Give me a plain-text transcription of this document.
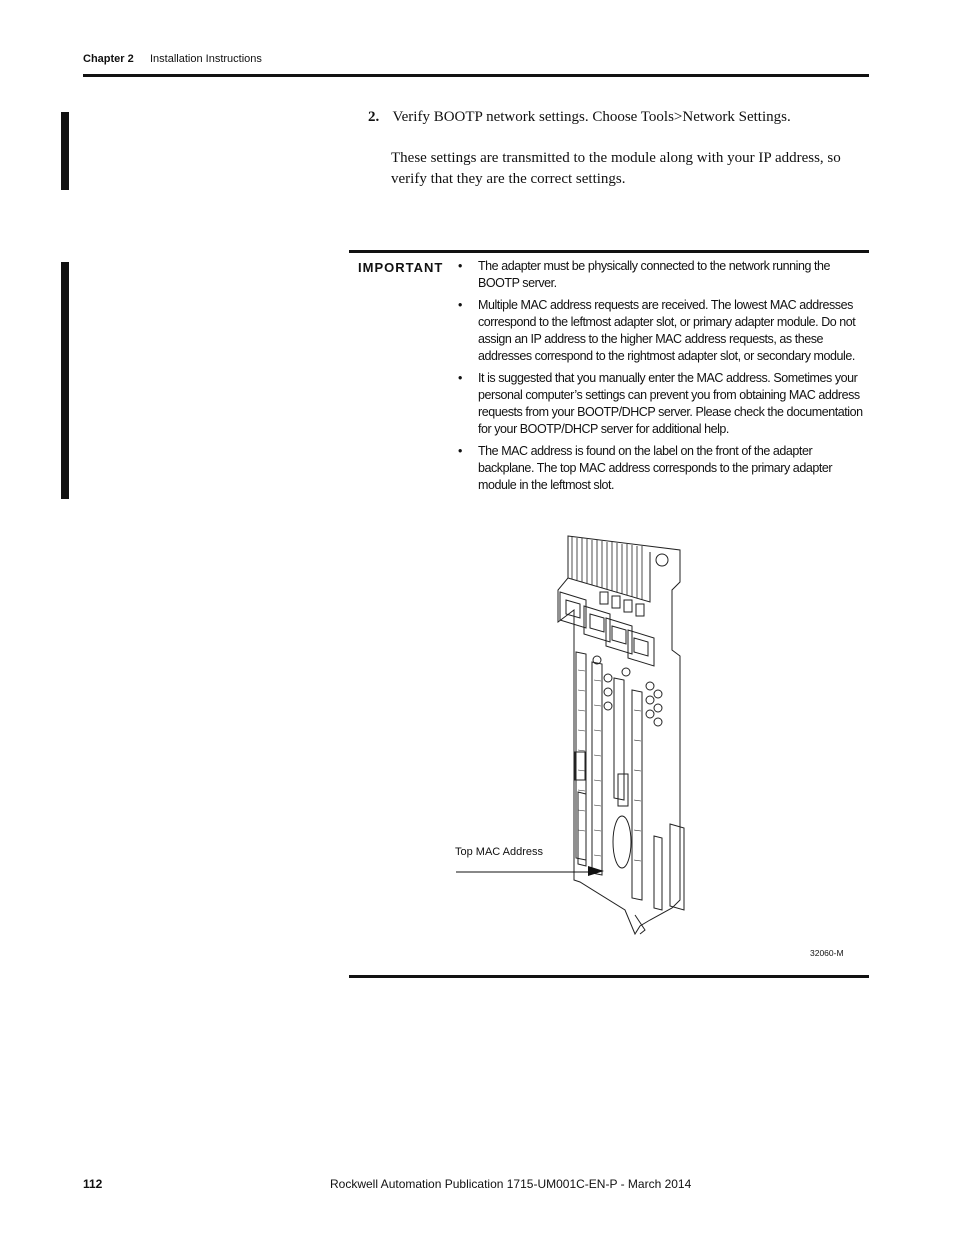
Chapter 2 Installation Instructions
2. Verify BOOTP network settings. Choose Tools>Network Settings.
These settings are transmitted to the module along with your IP address, so verify that they are the correct settings.
IMPORTANT • The adapter must be physically connected to the network running the BOOTP server.
• Multiple MAC address requests are received. The lowest MAC addresses correspond to the leftmost adapter slot, or primary adapter module. Do not assign an IP address to the higher MAC address requests, as these addresses correspond to the rightmost adapter slot, or secondary module.
• It is suggested that you manually enter the MAC address. Sometimes your personal computer’s settings can prevent you from obtaining MAC address requests from your BOOTP/DHCP server. Please check the documentation for your BOOTP/DHCP server for additional help.
• The MAC address is found on the label on the front of the adapter backplane. The top MAC address corresponds to the primary adapter module in the leftmost slot.
Top MAC Address
32060-M
112	Rockwell Automation Publication 1715-UM001C-EN-P - March 2014
